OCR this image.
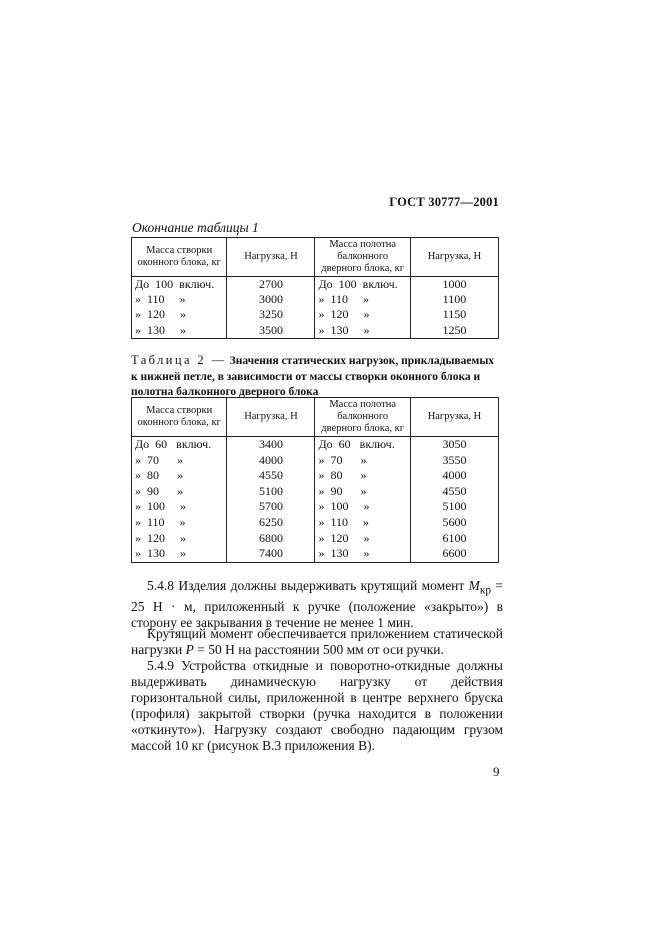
ГОСТ 30777—2001
Окончание таблицы 1
Масса створки оконного блока, кг	Нагрузка, Н	Масса полотна балконного дверного блока, кг	Нагрузка, Н
До  100  включ.	2700	До  100  включ.	1000
»  110     »	3000	»  110     »	1100
»  120     »	3250	»  120     »	1150
»  130     »	3500	»  130     »	1250
Таблица 2 — Значения статических нагрузок, прикладываемых к нижней петле, в зависимости от массы створки оконного блока и полотна балконного дверного блока
Масса створки оконного блока, кг	Нагрузка, Н	Масса полотна балконного дверного блока, кг	Нагрузка, Н
До  60   включ.	3400	До  60   включ.	3050
»  70      »	4000	»  70      »	3550
»  80      »	4550	»  80      »	4000
»  90      »	5100	»  90      »	4550
»  100     »	5700	»  100     »	5100
»  110     »	6250	»  110     »	5600
»  120     »	6800	»  120     »	6100
»  130     »	7400	»  130     »	6600

5.4.8 Изделия должны выдерживать крутящий момент $М_{кр} = 25$ Н · м, приложенный к ручке (положение «закрыто») в сторону ее закрывания в течение не менее 1 мин.

Крутящий момент обеспечивается приложением статической нагрузки Р = 50 Н на расстоянии 500 мм от оси ручки.

5.4.9 Устройства откидные и поворотно-откидные должны выдерживать динамическую нагрузку от действия горизонтальной силы, приложенной в центре верхнего бруска (профиля) закрытой створки (ручка находится в положении «откинуто»). Нагрузку создают свободно падающим грузом массой 10 кг (рисунок В.3 приложения В).

9
